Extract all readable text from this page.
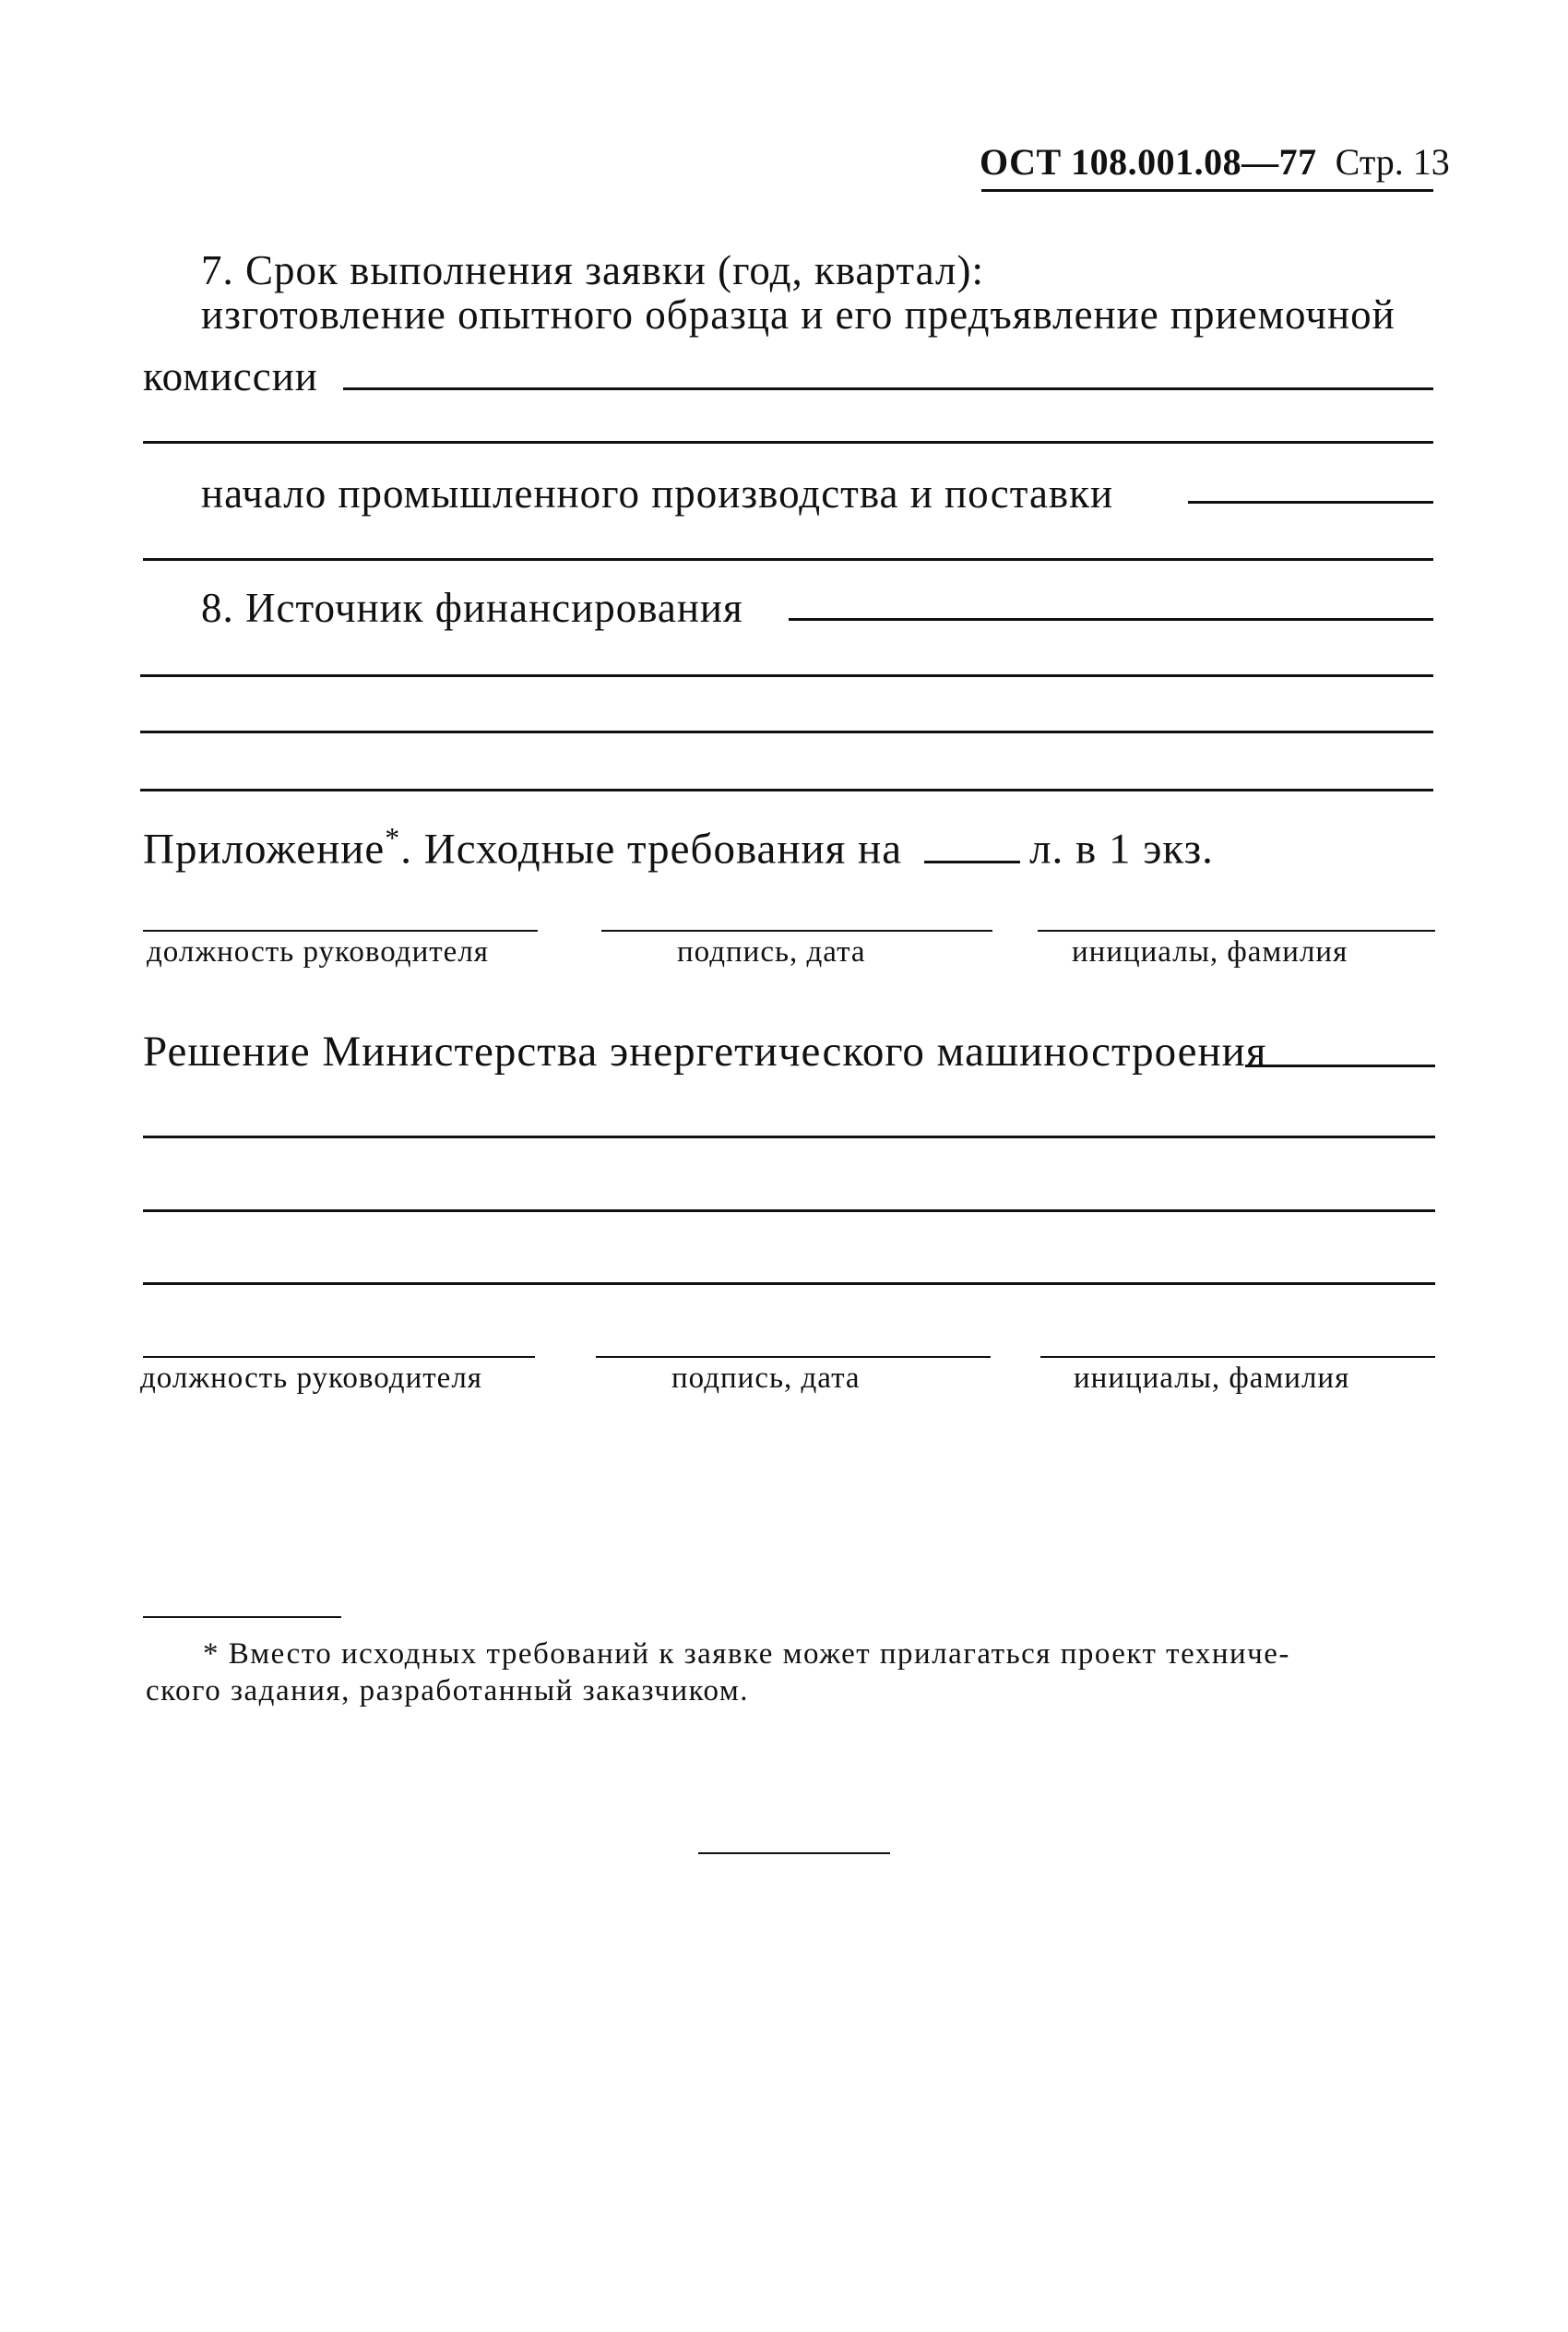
ОСТ 108.001.08—77 Стр. 13
7. Срок выполнения заявки (год, квартал):
изготовление опытного образца и его предъявление приемочной
комиссии
начало промышленного производства и поставки
8. Источник финансирования
Приложение*. Исходные требования на	л. в 1 экз.
должность руководителя	подпись, дата	инициалы, фамилия
Решение Министерства энергетического машиностроения
должность руководителя	подпись, дата	инициалы, фамилия
* Вместо исходных требований к заявке может прилагаться проект техниче-
ского задания, разработанный заказчиком.
